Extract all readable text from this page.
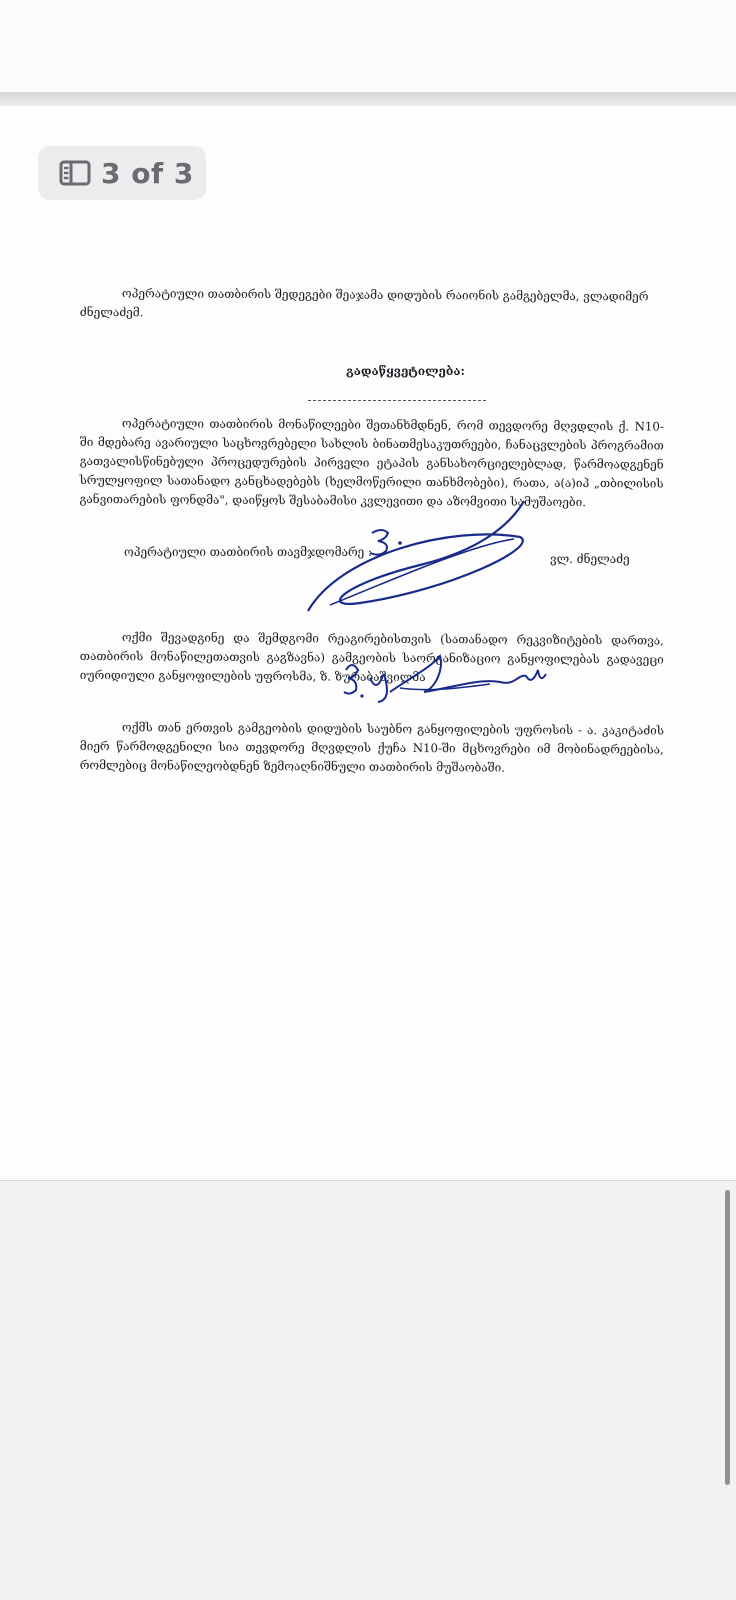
3 of 3
ოპერატიული თათბირის შედეგები შეაჯამა დიდუბის რაიონის გამგებელმა, ვლადიმერ ძნელაძემ.
გადაწყვეტილება:
ოპერატიული თათბირის მონაწილეები შეთანხმდნენ, რომ თევდორე მღვდლის ქ. N10-ში მდებარე ავარიული საცხოვრებელი სახლის ბინათმესაკუთრეები, ჩანაცვლების პროგრამით გათვალისწინებული პროცედურების პირველი ეტაპის განსახორციელებლად, წარმოადგენენ სრულყოფილ სათანადო განცხადებებს (ხელმოწერილი თანხმობები), რათა, ა(ა)იპ „თბილისის განვითარების ფონდმა", დაიწყოს შესაბამისი კვლევითი და აზომვითი სამუშაოები.
ოპერატიული თათბირის თავმჯდომარე :	ვლ. ძნელაძე
ოქმი შევადგინე და შემდგომი რეაგირებისთვის (სათანადო რეკვიზიტების დართვა, თათბირის მონაწილეთათვის გაგზავნა) გამგეობის საორგანიზაციო განყოფილებას გადავეცი იურიდიული განყოფილების უფროსმა, ზ. ზურაბაშვილმა
ოქმს თან ერთვის გამგეობის დიდუბის საუბნო განყოფილების უფროსის - ა. კაკიტაძის მიერ წარმოდგენილი სია თევდორე მღვდლის ქუჩა N10-ში მცხოვრები იმ მობინადრეებისა, რომლებიც მონაწილეობდნენ ზემოაღნიშნული თათბირის მუშაობაში.
